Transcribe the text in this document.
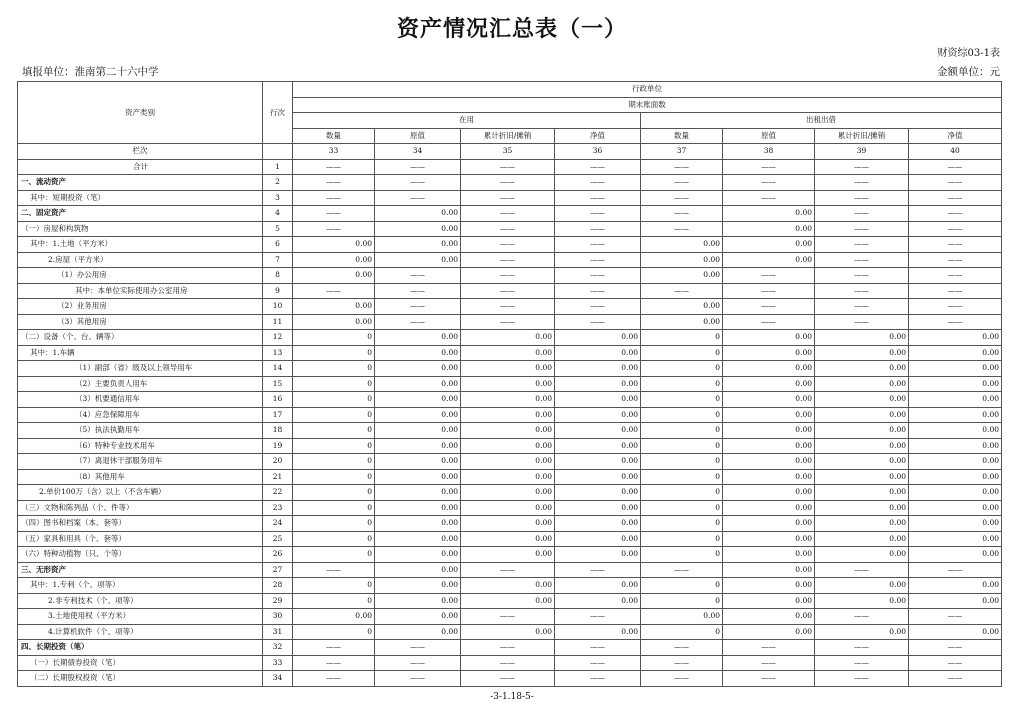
资产情况汇总表（一）
财资综03-1表
填报单位：淮南第二十六中学	金额单位：元
资产类别	行次	行政单位							
		期末账面数							
		在用				出租出借			
		数量	原值	累计折旧/摊销	净值	数量	原值	累计折旧/摊销	净值
栏次		33	34	35	36	37	38	39	40
合计	1	——	——	——	——	——	——	——	——
一、流动资产	2	——	——	——	——	——	——	——	——
其中：短期投资（笔）	3	——	——	——	——	——	——	——	——
二、固定资产	4	——	0.00	——	——	——	0.00	——	——
（一）房屋和构筑物	5	——	0.00	——	——	——	0.00	——	——
其中：1.土地（平方米）	6	0.00	0.00	——	——	0.00	0.00	——	——
2.房屋（平方米）	7	0.00	0.00	——	——	0.00	0.00	——	——
（1）办公用房	8	0.00	——	——	——	0.00	——	——	——
其中：本单位实际使用办公室用房	9	——	——	——	——	——	——	——	——
（2）业务用房	10	0.00	——	——	——	0.00	——	——	——
（3）其他用房	11	0.00	——	——	——	0.00	——	——	——
（二）设备（个、台、辆等）	12	0	0.00	0.00	0.00	0	0.00	0.00	0.00
其中：1.车辆	13	0	0.00	0.00	0.00	0	0.00	0.00	0.00
（1）副部（省）级及以上领导用车	14	0	0.00	0.00	0.00	0	0.00	0.00	0.00
（2）主要负责人用车	15	0	0.00	0.00	0.00	0	0.00	0.00	0.00
（3）机要通信用车	16	0	0.00	0.00	0.00	0	0.00	0.00	0.00
（4）应急保障用车	17	0	0.00	0.00	0.00	0	0.00	0.00	0.00
（5）执法执勤用车	18	0	0.00	0.00	0.00	0	0.00	0.00	0.00
（6）特种专业技术用车	19	0	0.00	0.00	0.00	0	0.00	0.00	0.00
（7）离退休干部服务用车	20	0	0.00	0.00	0.00	0	0.00	0.00	0.00
（8）其他用车	21	0	0.00	0.00	0.00	0	0.00	0.00	0.00
2.单价100万（含）以上（不含车辆）	22	0	0.00	0.00	0.00	0	0.00	0.00	0.00
（三）文物和陈列品（个、件等）	23	0	0.00	0.00	0.00	0	0.00	0.00	0.00
（四）图书和档案（本、套等）	24	0	0.00	0.00	0.00	0	0.00	0.00	0.00
（五）家具和用具（个、套等）	25	0	0.00	0.00	0.00	0	0.00	0.00	0.00
（六）特种动植物（只、个等）	26	0	0.00	0.00	0.00	0	0.00	0.00	0.00
三、无形资产	27	——	0.00	——	——	——	0.00	——	——
其中：1.专利（个、项等）	28	0	0.00	0.00	0.00	0	0.00	0.00	0.00
2.非专利技术（个、项等）	29	0	0.00	0.00	0.00	0	0.00	0.00	0.00
3.土地使用权（平方米）	30	0.00	0.00	——	——	0.00	0.00	——	——
4.计算机软件（个、项等）	31	0	0.00	0.00	0.00	0	0.00	0.00	0.00
四、长期投资（笔）	32	——	——	——	——	——	——	——	——
（一）长期债券投资（笔）	33	——	——	——	——	——	——	——	——
（二）长期股权投资（笔）	34	——	——	——	——	——	——	——	——
-3-1.18-5-
